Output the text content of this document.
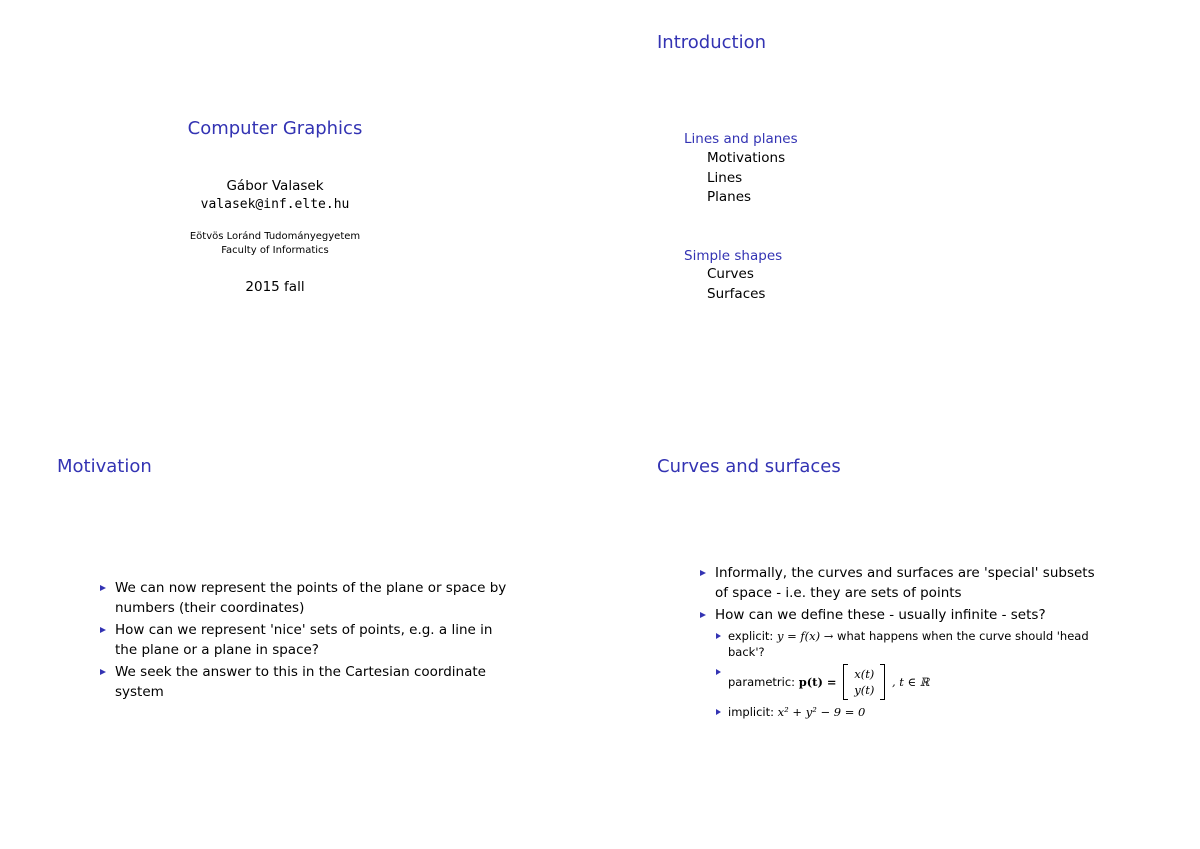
Computer Graphics
Gábor Valasek
valasek@inf.elte.hu
Eötvös Loránd Tudományegyetem
Faculty of Informatics
2015 fall
Introduction
Lines and planes
Motivations
Lines
Planes
Simple shapes
Curves
Surfaces
Motivation
We can now represent the points of the plane or space by numbers (their coordinates)
How can we represent 'nice' sets of points, e.g. a line in the plane or a plane in space?
We seek the answer to this in the Cartesian coordinate system
Curves and surfaces
Informally, the curves and surfaces are 'special' subsets of space - i.e. they are sets of points
How can we define these - usually infinite - sets?
explicit: y = f(x) → what happens when the curve should 'head back'?
parametric: p(t) =
x(t)
y(t)
, t ∈ ℝ
implicit: x² + y² − 9 = 0
